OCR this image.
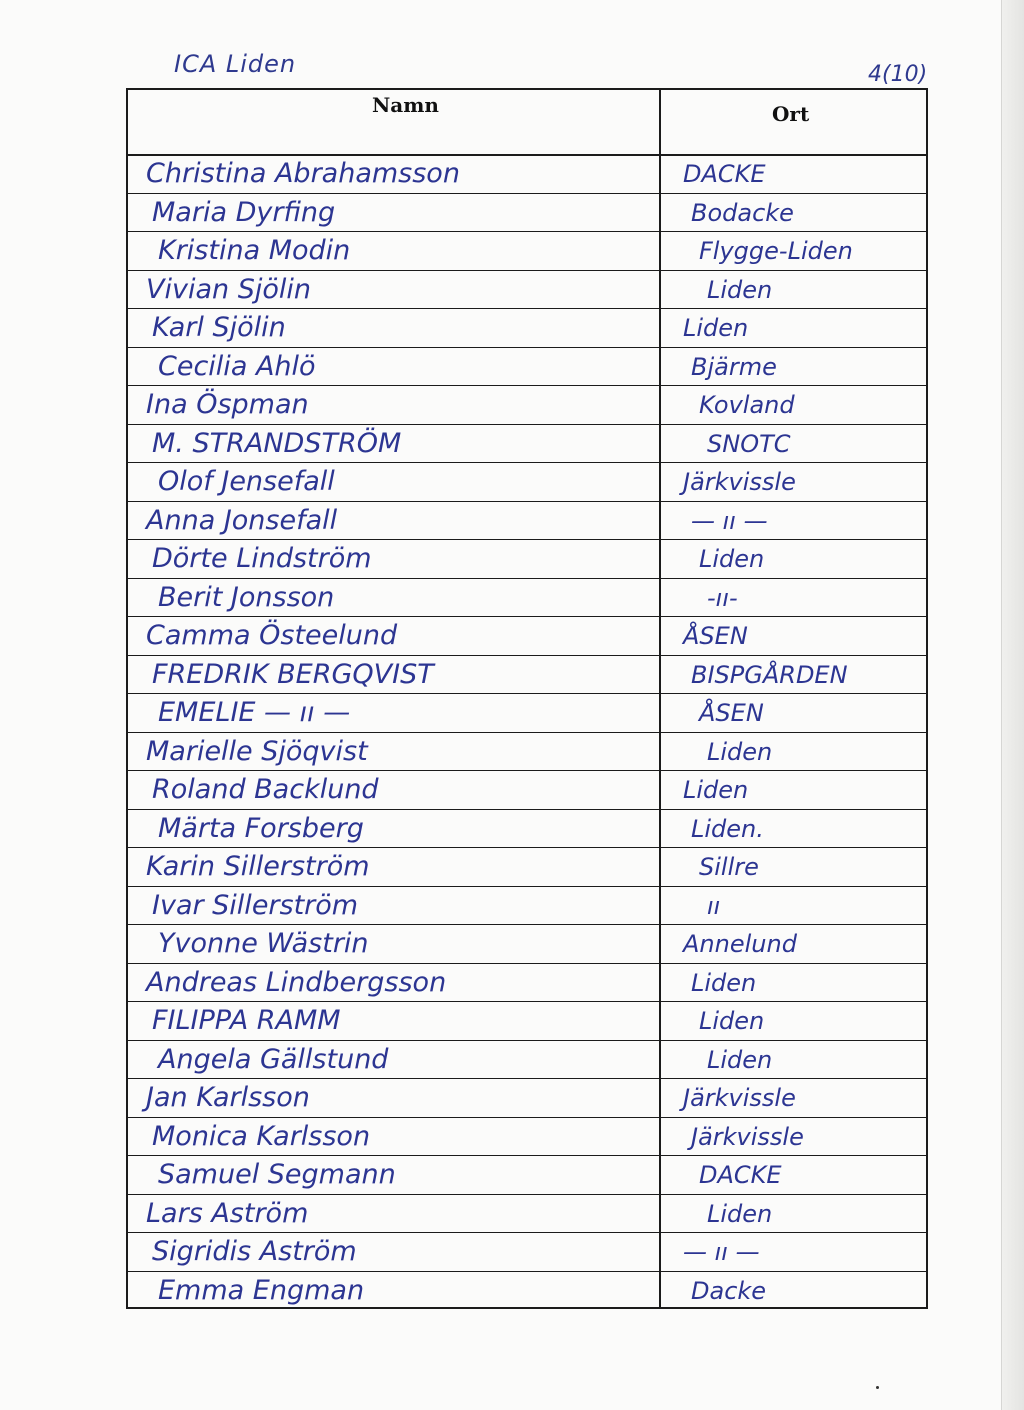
ICA Liden	4(10)
Namn	Ort
Christina Abrahamsson	DACKE
Maria Dyrfing	Bodacke
Kristina Modin	Flygge-Liden
Vivian Sjölin	Liden
Karl Sjölin	Liden
Cecilia Ahlö	Bjärme
Ina Öspman	Kovland
M. STRANDSTRÖM	SNOTC
Olof Jensefall	Järkvissle
Anna Jonsefall	— ıı —
Dörte Lindström	Liden
Berit Jonsson	-ıı-
Camma Östeelund	ÅSEN
FREDRIK BERGQVIST	BISPGÅRDEN
EMELIE — ıı —	ÅSEN
Marielle Sjöqvist	Liden
Roland Backlund	Liden
Märta Forsberg	Liden.
Karin Sillerström	Sillre
Ivar Sillerström	ıı
Yvonne Wästrin	Annelund
Andreas Lindbergsson	Liden
FILIPPA RAMM	Liden
Angela Gällstund	Liden
Jan Karlsson	Järkvissle
Monica Karlsson	Järkvissle
Samuel Segmann	DACKE
Lars Aström	Liden
Sigridis Aström	— ıı —
Emma Engman	Dacke
